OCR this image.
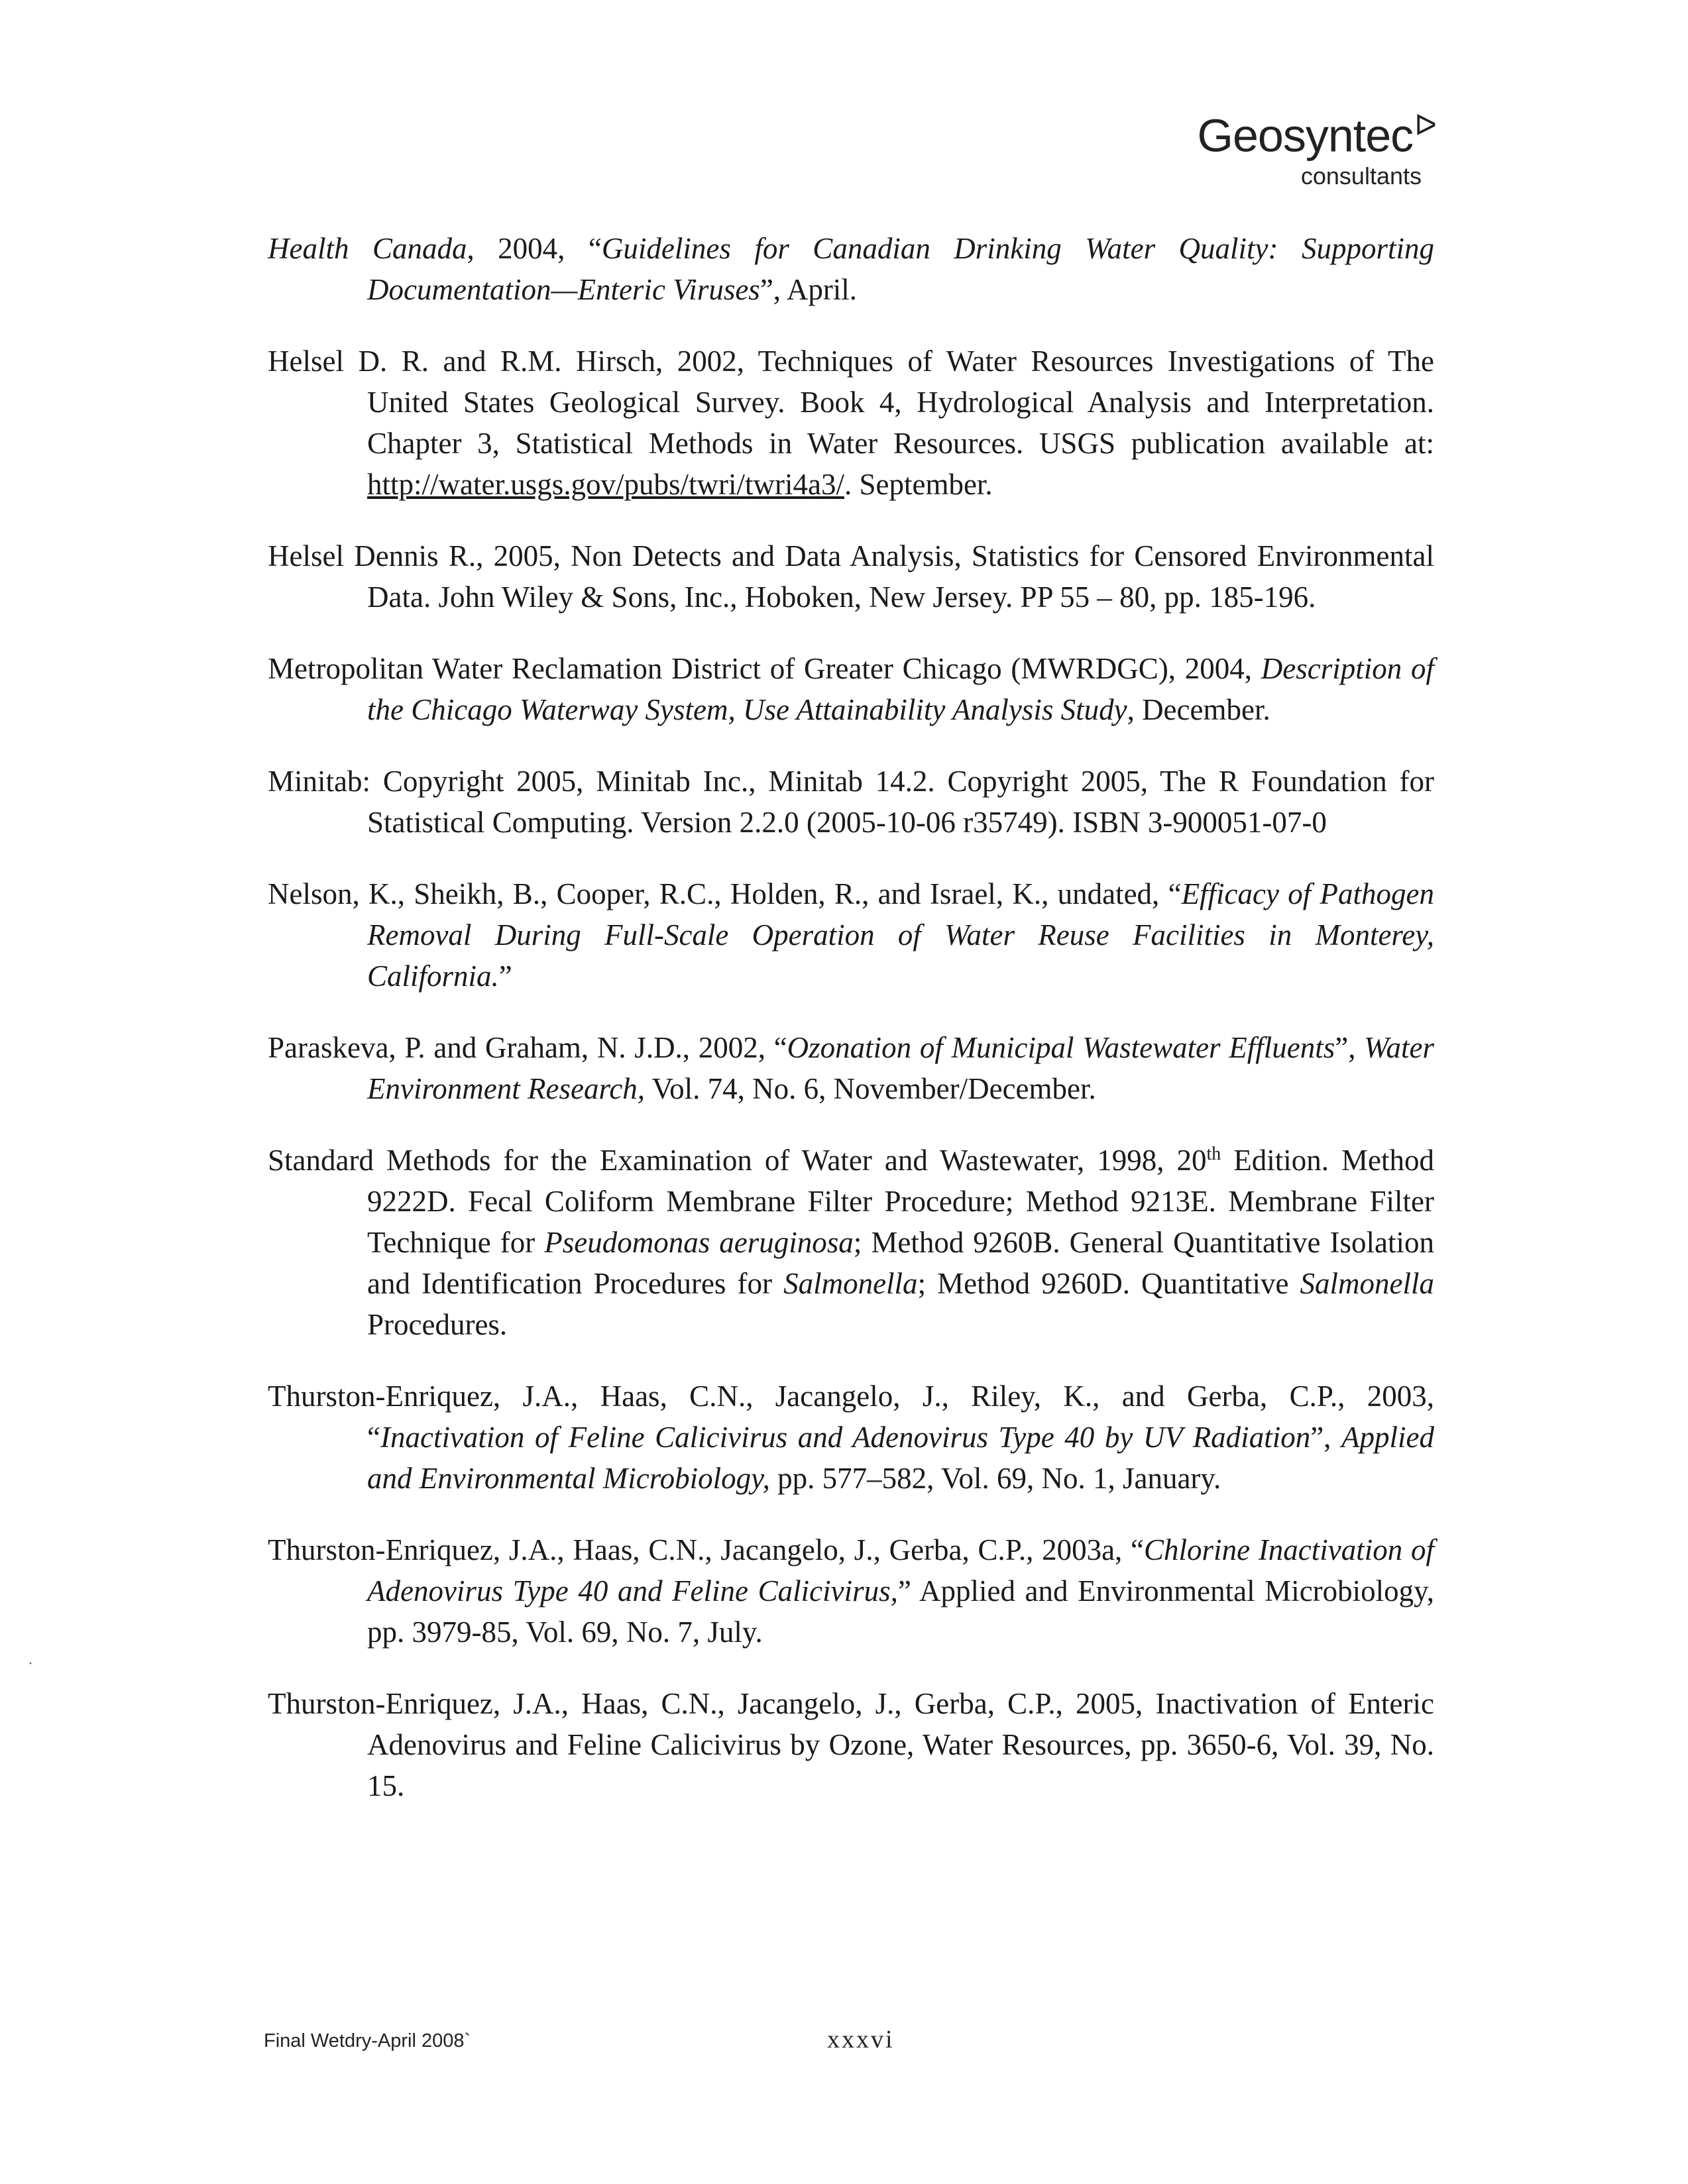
Geosyntec$^ᐅ$
consultants

Health Canada, 2004, “Guidelines for Canadian Drinking Water Quality: Supporting Documentation—Enteric Viruses”, April.

Helsel D. R. and R.M. Hirsch, 2002, Techniques of Water Resources Investigations of The United States Geological Survey. Book 4, Hydrological Analysis and Interpretation. Chapter 3, Statistical Methods in Water Resources. USGS publication available at: http://water.usgs.gov/pubs/twri/twri4a3/. September.

Helsel Dennis R., 2005, Non Detects and Data Analysis, Statistics for Censored Environmental Data. John Wiley & Sons, Inc., Hoboken, New Jersey. PP 55 – 80, pp. 185-196.

Metropolitan Water Reclamation District of Greater Chicago (MWRDGC), 2004, Description of the Chicago Waterway System, Use Attainability Analysis Study, December.

Minitab: Copyright 2005, Minitab Inc., Minitab 14.2. Copyright 2005, The R Foundation for Statistical Computing. Version 2.2.0 (2005-10-06 r35749). ISBN 3-900051-07-0

Nelson, K., Sheikh, B., Cooper, R.C., Holden, R., and Israel, K., undated, “Efficacy of Pathogen Removal During Full-Scale Operation of Water Reuse Facilities in Monterey, California.”

Paraskeva, P. and Graham, N. J.D., 2002, “Ozonation of Municipal Wastewater Effluents”, Water Environment Research, Vol. 74, No. 6, November/December.

Standard Methods for the Examination of Water and Wastewater, 1998, 20th Edition. Method 9222D. Fecal Coliform Membrane Filter Procedure; Method 9213E. Membrane Filter Technique for Pseudomonas aeruginosa; Method 9260B. General Quantitative Isolation and Identification Procedures for Salmonella; Method 9260D. Quantitative Salmonella Procedures.

Thurston-Enriquez, J.A., Haas, C.N., Jacangelo, J., Riley, K., and Gerba, C.P., 2003, “Inactivation of Feline Calicivirus and Adenovirus Type 40 by UV Radiation”, Applied and Environmental Microbiology, pp. 577–582, Vol. 69, No. 1, January.

Thurston-Enriquez, J.A., Haas, C.N., Jacangelo, J., Gerba, C.P., 2003a, “Chlorine Inactivation of Adenovirus Type 40 and Feline Calicivirus,” Applied and Environmental Microbiology, pp. 3979-85, Vol. 69, No. 7, July.

Thurston-Enriquez, J.A., Haas, C.N., Jacangelo, J., Gerba, C.P., 2005, Inactivation of Enteric Adenovirus and Feline Calicivirus by Ozone, Water Resources, pp. 3650-6, Vol. 39, No. 15.

·
Final Wetdry-April 2008`	xxxvi
